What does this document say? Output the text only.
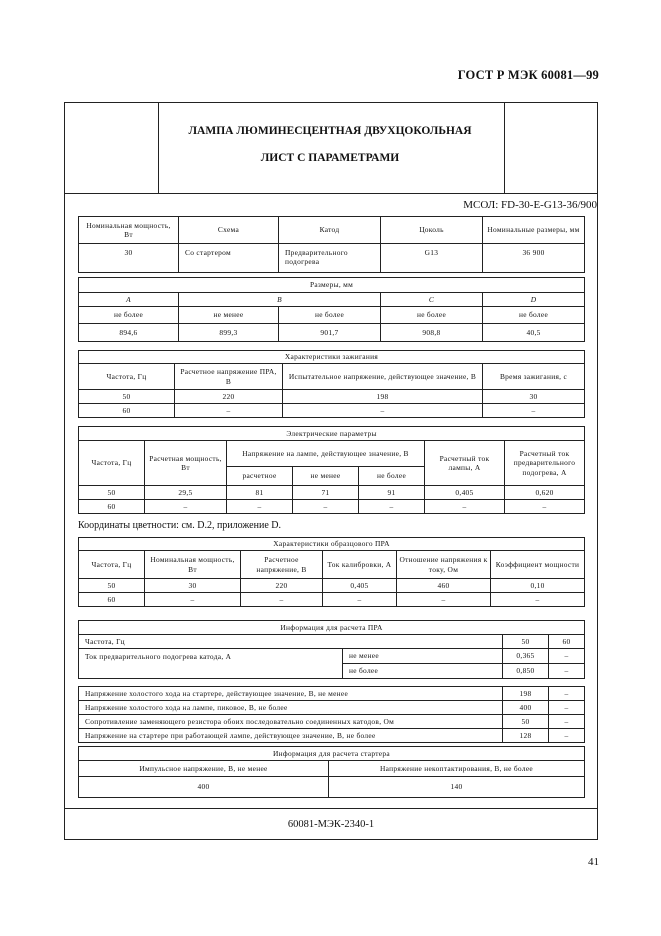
ГОСТ Р МЭК 60081—99
ЛАМПА ЛЮМИНЕСЦЕНТНАЯ ДВУХЦОКОЛЬНАЯ
ЛИСТ С ПАРАМЕТРАМИ
МСОЛ: FD-30-E-G13-36/900
Номинальная мощность, Вт	Схема	Катод	Цоколь	Номинальные размеры, мм
30	Со стартером	Предварительного подогрева	G13	36 900
Размеры, мм				
A	B		C	D
не более	не менее	не более	не более	не более
894,6	899,3	901,7	908,8	40,5
Характеристики зажигания			
Частота, Гц	Расчетное напряжение ПРА, В	Испытательное напряжение, действующее значение, В	Время зажигания, с
50	220	198	30
60	–	–	–
Электрические параметры						
Частота, Гц	Расчетная мощность, Вт	Напряжение на лампе, действующее значение, В			Расчетный ток лампы, А	Расчетный ток предварительного подогрева, А
		расчетное	не менее	не более		
50	29,5	81	71	91	0,405	0,620
60	–	–	–	–	–	–
Координаты цветности: см. D.2, приложение D.
Характеристики образцового ПРА					
Частота, Гц	Номинальная мощность, Вт	Расчетное напряжение, В	Ток калибровки, А	Отношение напряжения к току, Ом	Коэффициент мощности
50	30	220	0,405	460	0,10
60	–	–	–	–	–
Информация для расчета ПРА			
Частота, Гц		50	60
Ток предварительного подогрева катода, А	не менее	0,365	–
	не более	0,850	–

Напряжение холостого хода на стартере, действующее значение, В, не менее		198	–
Напряжение холостого хода на лампе, пиковое, В, не более		400	–
Сопротивление заменяющего резистора обоих последовательно соединенных катодов, Ом		50	–
Напряжение на стартере при работающей лампе, действующее значение, В, не более		128	–
Информация для расчета стартера	
Импульсное напряжение, В, не менее	Напряжение некоптактирования, В, не более
400	140
60081-МЭК-2340-1
41
